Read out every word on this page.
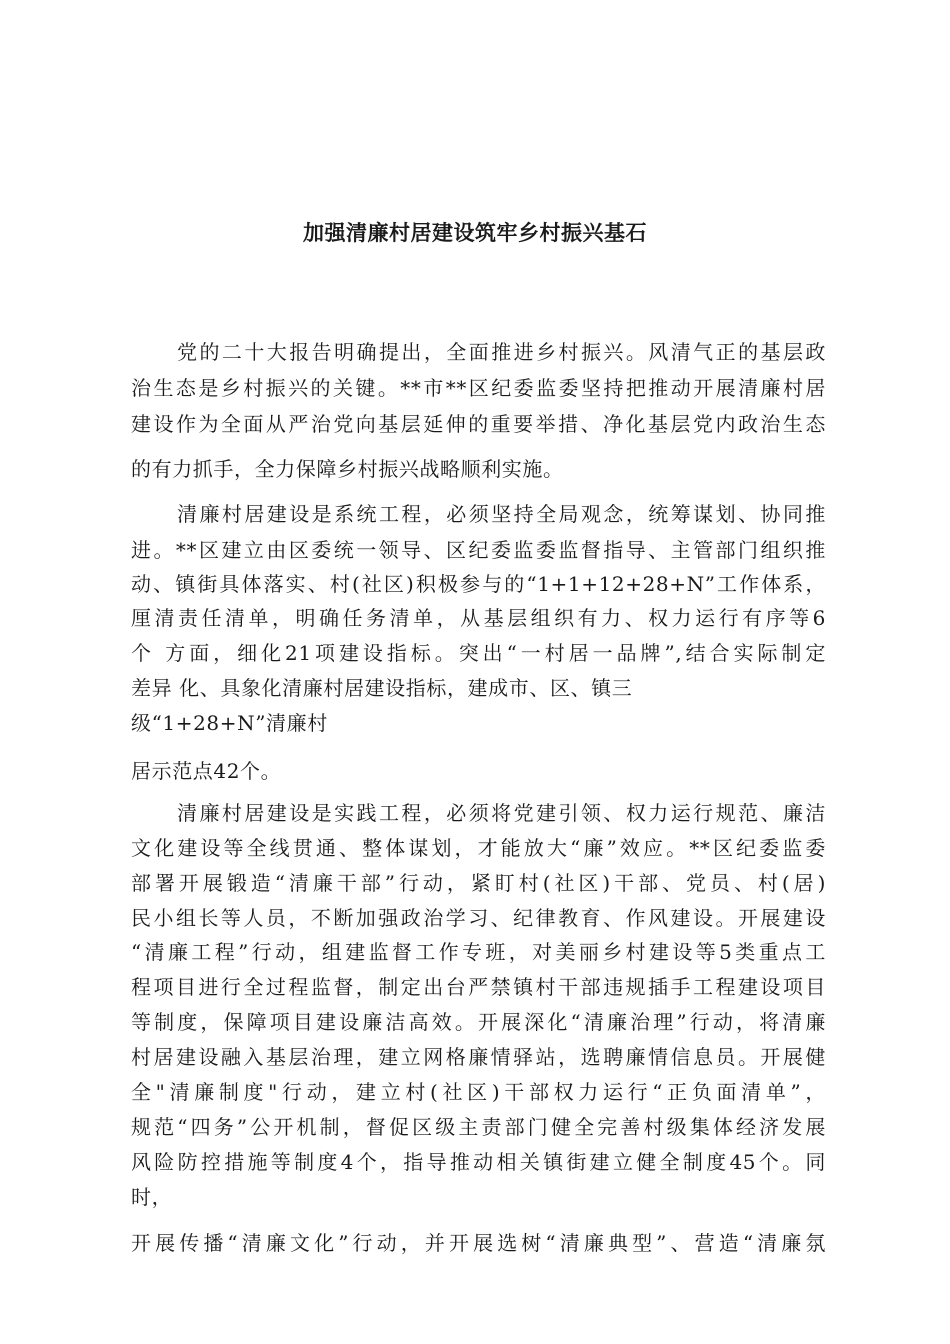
加强清廉村居建设筑牢乡村振兴基石
党的二十大报告明确提出，全面推进乡村振兴。风清气正的基层政
治生态是乡村振兴的关键。**市**区纪委监委坚持把推动开展清廉村居
建设作为全面从严治党向基层延伸的重要举措、净化基层党内政治生态
的有力抓手，全力保障乡村振兴战略顺利实施。
清廉村居建设是系统工程，必须坚持全局观念，统筹谋划、协同推
进。**区建立由区委统一领导、区纪委监委监督指导、主管部门组织推
动、镇街具体落实、村(社区)积极参与的“1+1+12+28+N”工作体系，
厘清责任清单，明确任务清单，从基层组织有力、权力运行有序等6
个 方面，细化21项建设指标。突出“一村居一品牌”,结合实际制定
差异 化、具象化清廉村居建设指标，建成市、区、镇三
级“1+28+N”清廉村
居示范点42个。
清廉村居建设是实践工程，必须将党建引领、权力运行规范、廉洁
文化建设等全线贯通、整体谋划，才能放大“廉”效应。**区纪委监委
部署开展锻造“清廉干部”行动，紧盯村(社区)干部、党员、村(居)
民小组长等人员，不断加强政治学习、纪律教育、作风建设。开展建设
“清廉工程”行动，组建监督工作专班，对美丽乡村建设等5类重点工
程项目进行全过程监督，制定出台严禁镇村干部违规插手工程建设项目
等制度，保障项目建设廉洁高效。开展深化“清廉治理”行动，将清廉
村居建设融入基层治理，建立网格廉情驿站，选聘廉情信息员。开展健
全"清廉制度"行动，建立村(社区)干部权力运行“正负面清单”，
规范“四务”公开机制，督促区级主责部门健全完善村级集体经济发展
风险防控措施等制度4个，指导推动相关镇街建立健全制度45个。同
时，
开展传播“清廉文化”行动，并开展选树“清廉典型”、营造“清廉氛
